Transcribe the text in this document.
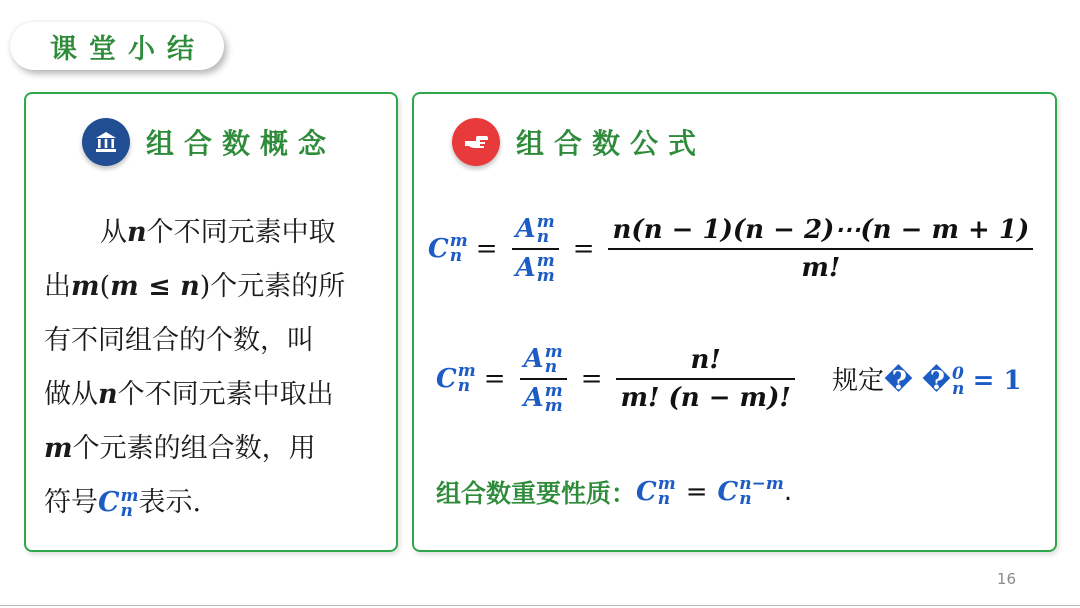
课堂小结
组合数概念
从n个不同元素中取
出m(m ≤ n)个元素的所
有不同组合的个数，叫
做从n个不同元素中取出
m个元素的组合数，用
符号C m
n 表示.
组合数公式
C m
n = A m
n
A m
$m = \frac{n(n - 1)(n - 2)\cdots(n - m + 1)}{m!}$
C m
n = A m
n
A m
$m = \frac{n!}{m! (n - m)!}$ 规定� � 0
n = 1
组合数重要性质： C m
n = C n−m
n	.
16
